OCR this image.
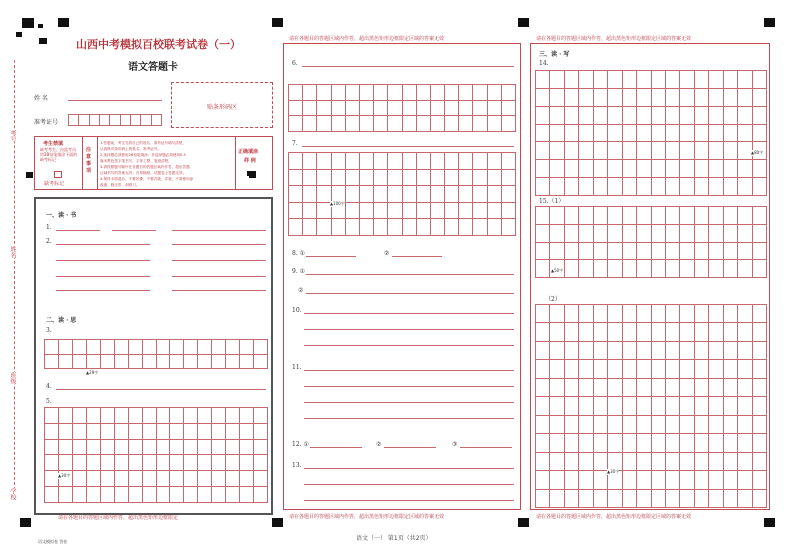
考号
姓名
班级
学校
山西中考模拟百校联考试卷（一）
语文答题卡
姓 名
准考证号
贴条形码区
考生禁填
缺考考生，由监考员用2B铅笔填涂下面的缺考标记
缺考标记
注意事项
1.答题前，考生先将自己的姓名、准考证号填写清楚，
认真核对条形码上的姓名、准考证号。
2.选择题必须使用2B铅笔填涂；非选择题必须使用0.5
毫米黑色签字笔书写，字体工整、笔迹清楚。
3.请按照题号顺序在各题目的答题区域内作答，超出答题
区域书写的答案无效；在草稿纸、试题卷上答题无效。
4.保持卡面清洁，不要折叠，不要弄破、弄皱，不准使用涂
改液、修正带、刮纸刀。
正确填涂
样 例
一、读 · 书
1.
2.
二、读 · 思
3.
▲29字
4.
5.
▲30字
请在各题目的答题区域内作答，超出黑色矩形边框限定
请在各题目的答题区域内作答，超出黑色矩形边框限定区域的答案无效
6.
7.
▲100字
8. ①	②
9. ①
②
10.
11.
12. ①	②	③
13.
请在各题目的答题区域内作答，超出黑色矩形边框限定区域的答案无效
请在各题目的答题区域内作答，超出黑色矩形边框限定区域的答案无效
三、读 · 写
14.
▲80字
15.（1）
▲50字
（2）
▲30字
请在各题目的答题区域内作答，超出黑色矩形边框限定区域的答案无效
语文模拟卷 答卷	语文（一） 第1页（共2页）
